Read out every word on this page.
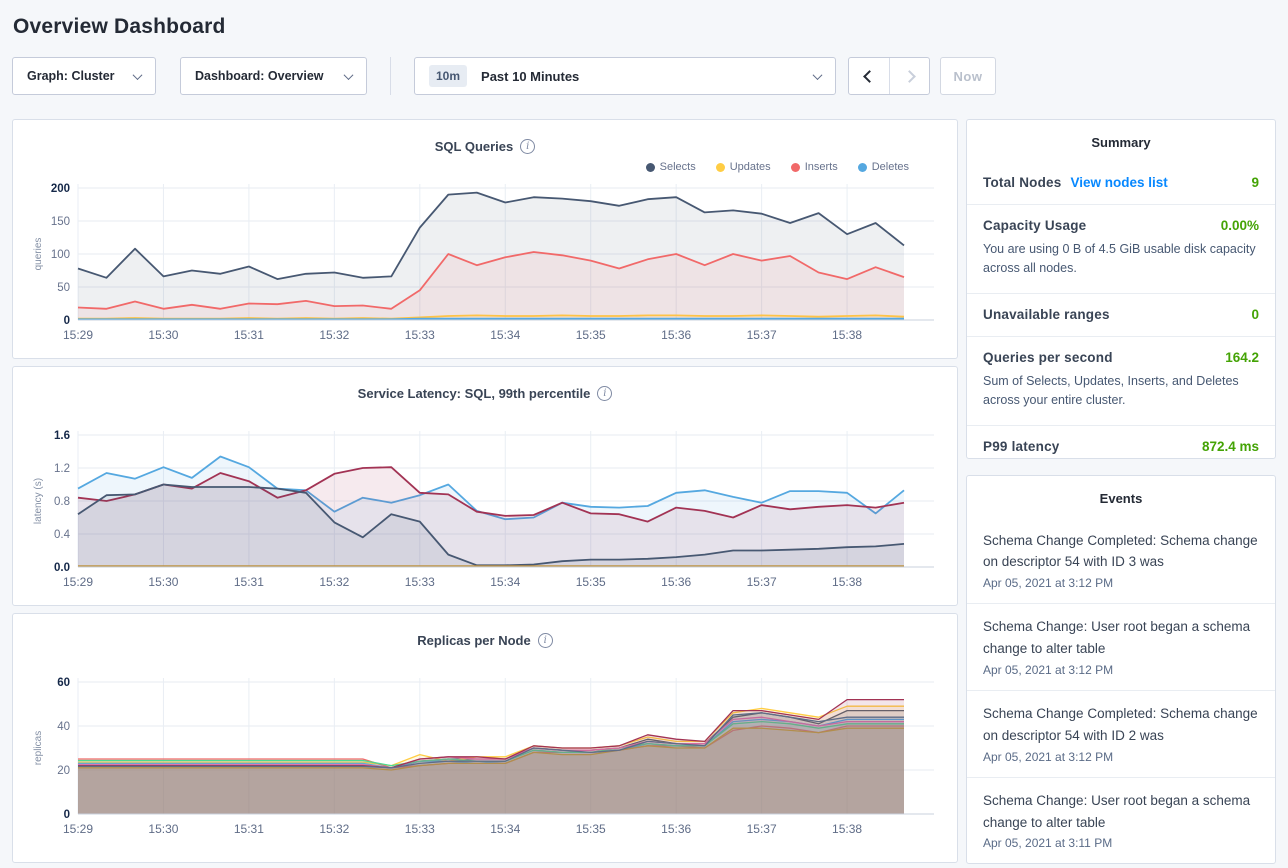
Overview Dashboard
Graph: Cluster	Dashboard: Overview	10m	Past 10 Minutes	Now
SQL Queries
i
Selects	Updates	Inserts	Deletes
0
50
100
150
200
15:29	15:30	15:31	15:32	15:33	15:34	15:35	15:36	15:37	15:38
queries
Service Latency: SQL, 99th percentile
i
0.0
0.4
0.8
1.2
1.6
15:29	15:30	15:31	15:32	15:33	15:34	15:35	15:36	15:37	15:38
latency (s)
Replicas per Node
i
0
20
40
60
15:29	15:30	15:31	15:32	15:33	15:34	15:35	15:36	15:37	15:38
replicas
Summary
Total Nodes View nodes list	9
Capacity Usage	0.00%
You are using 0 B of 4.5 GiB usable disk capacity across all nodes.
Unavailable ranges	0
Queries per second	164.2
Sum of Selects, Updates, Inserts, and Deletes across your entire cluster.
P99 latency	872.4 ms
Events
Schema Change Completed: Schema change on descriptor 54 with ID 3 was
Apr 05, 2021 at 3:12 PM
Schema Change: User root began a schema change to alter table
Apr 05, 2021 at 3:12 PM
Schema Change Completed: Schema change on descriptor 54 with ID 2 was
Apr 05, 2021 at 3:12 PM
Schema Change: User root began a schema change to alter table
Apr 05, 2021 at 3:11 PM
